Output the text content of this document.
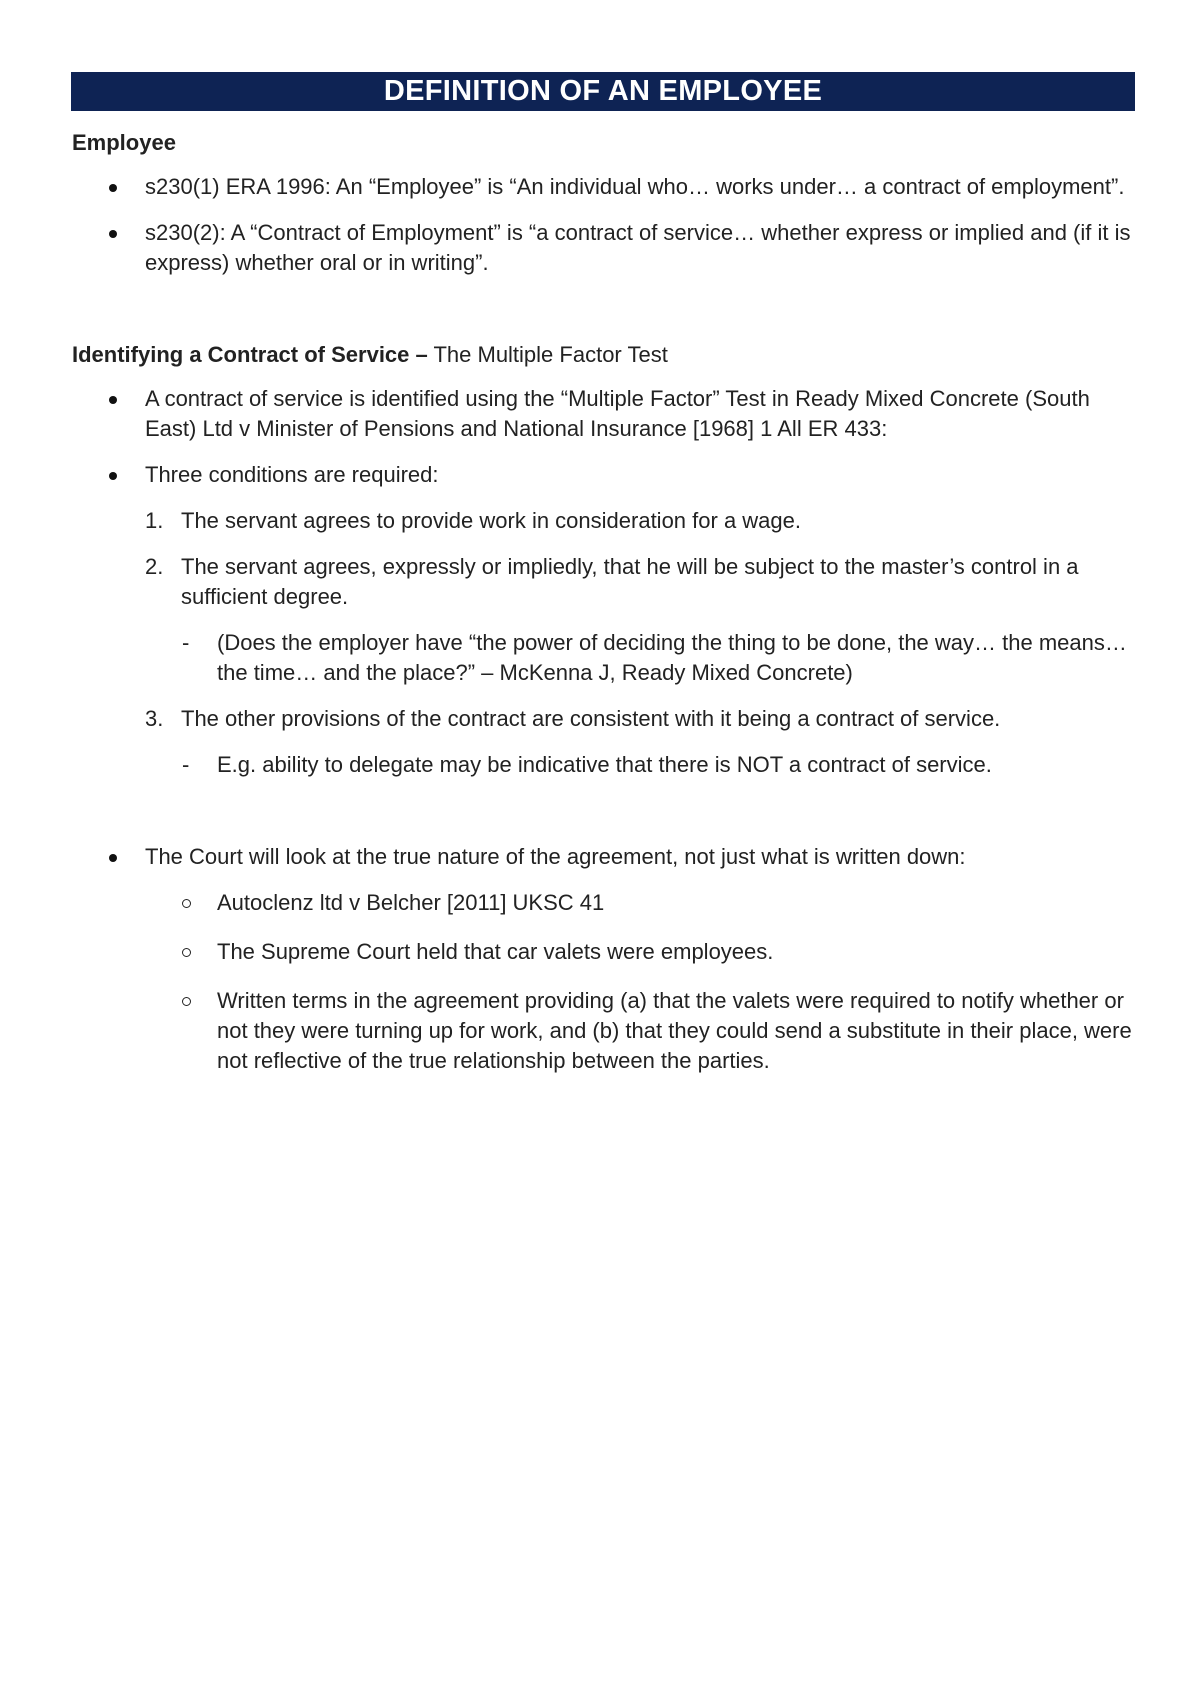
DEFINITION OF AN EMPLOYEE

Employee

s230(1) ERA 1996: An “Employee” is “An individual who… works under… a contract of employment”.
s230(2): A “Contract of Employment” is “a contract of service… whether express or implied and (if it is express) whether oral or in writing”.

Identifying a Contract of Service – The Multiple Factor Test

A contract of service is identified using the “Multiple Factor” Test in Ready Mixed Concrete (South East) Ltd v Minister of Pensions and National Insurance [1968] 1 All ER 433:
Three conditions are required:
1. The servant agrees to provide work in consideration for a wage.
2. The servant agrees, expressly or impliedly, that he will be subject to the master’s control in a sufficient degree.
- (Does the employer have “the power of deciding the thing to be done, the way… the means… the time… and the place?” – McKenna J, Ready Mixed Concrete)
3. The other provisions of the contract are consistent with it being a contract of service.
- E.g. ability to delegate may be indicative that there is NOT a contract of service.
The Court will look at the true nature of the agreement, not just what is written down:
Autoclenz ltd v Belcher [2011] UKSC 41
The Supreme Court held that car valets were employees.
Written terms in the agreement providing (a) that the valets were required to notify whether or not they were turning up for work, and (b) that they could send a substitute in their place, were not reflective of the true relationship between the parties.
